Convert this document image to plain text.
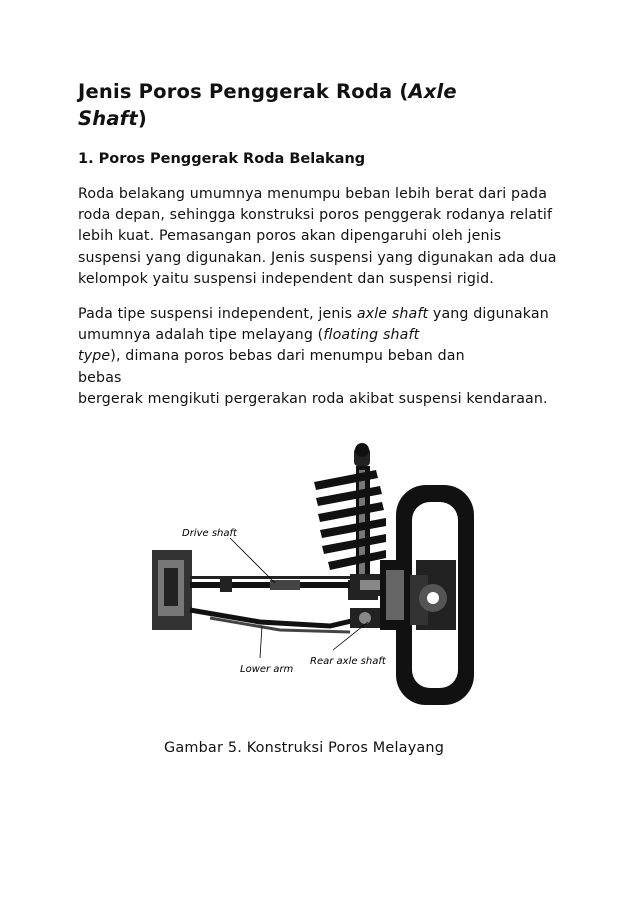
Jenis Poros Penggerak Roda (Axle
Shaft)
1. Poros Penggerak Roda Belakang

Roda belakang umumnya menumpu beban lebih berat dari pada roda depan, sehingga konstruksi poros penggerak rodanya relatif lebih kuat. Pemasangan poros akan dipengaruhi oleh jenis suspensi yang digunakan. Jenis suspensi yang digunakan ada dua kelompok yaitu suspensi independent dan suspensi rigid.

Pada tipe suspensi independent, jenis axle shaft yang digunakan umumnya adalah tipe melayang (floating shaft
type), dimana poros bebas dari menumpu beban dan
bebas
bergerak mengikuti pergerakan roda akibat suspensi kendaraan.

Drive shaft
Rear axle shaft
Lower arm
Gambar 5. Konstruksi Poros Melayang
